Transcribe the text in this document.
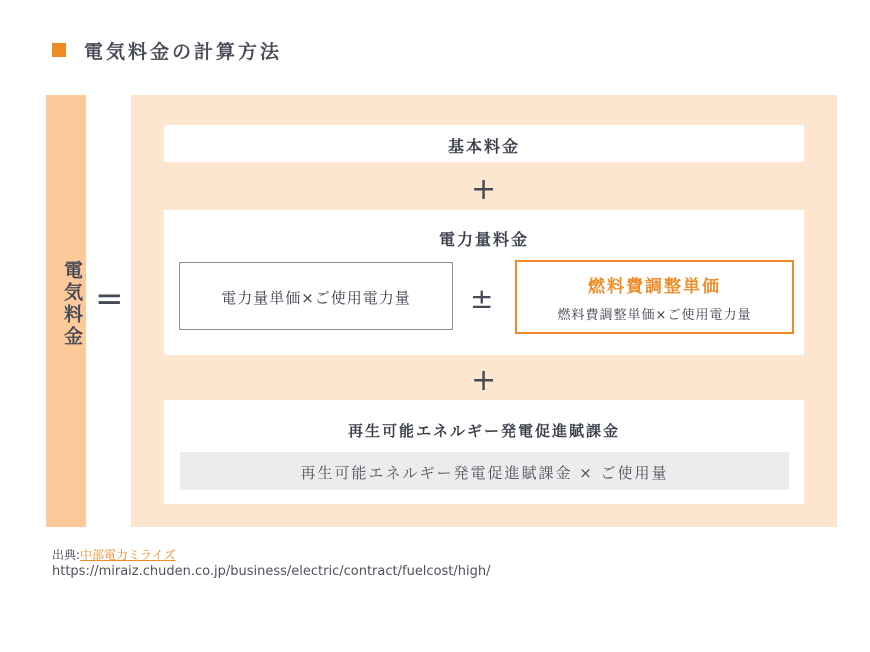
電気料金の計算方法
電気料金 =
基本料金
+
電力量料金
電力量単価×ご使用電力量	±	燃料費調整単価
燃料費調整単価×ご使用電力量
+
再生可能エネルギー発電促進賦課金
再生可能エネルギー発電促進賦課金 × ご使用量
出典:中部電力ミライズ
https://miraiz.chuden.co.jp/business/electric/contract/fuelcost/high/
